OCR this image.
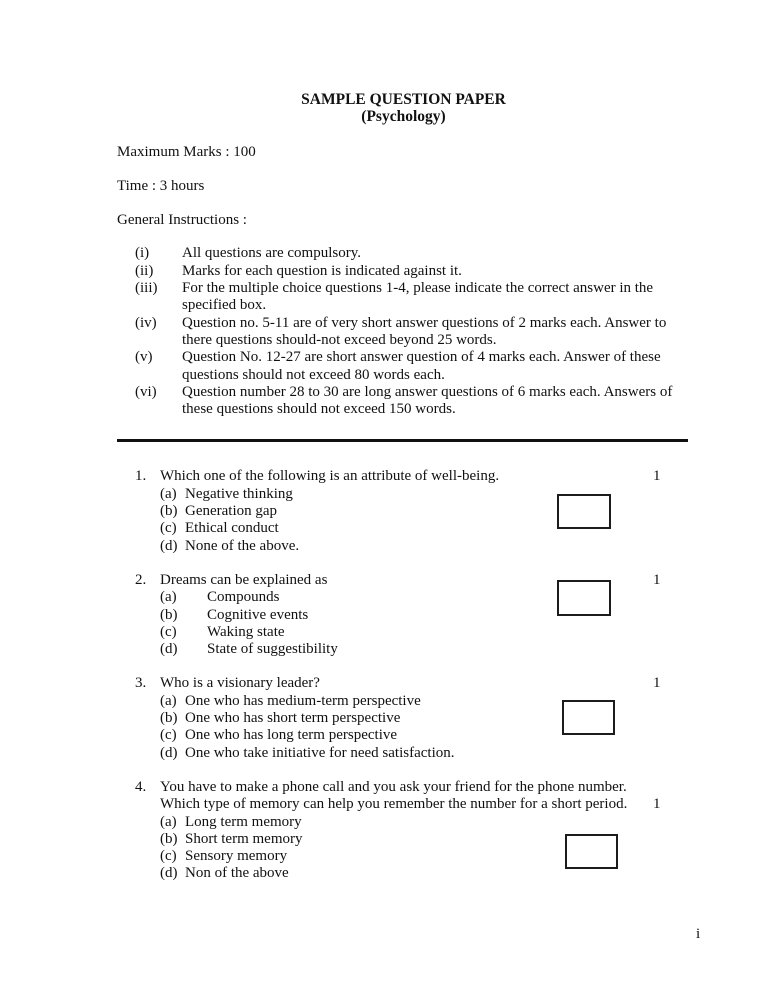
SAMPLE QUESTION PAPER
(Psychology)
Maximum Marks : 100
Time : 3 hours
General Instructions :
(i)	All questions are compulsory.
(ii)	Marks for each question is indicated against it.
(iii)	For the multiple choice questions 1-4, please indicate the correct answer in the
specified box.
(iv)	Question no. 5-11 are of very short answer questions of 2 marks each. Answer to
there questions should-not exceed beyond 25 words.
(v)	Question No. 12-27 are short answer question of 4 marks each. Answer of these
questions should not exceed 80 words each.
(vi)	Question number 28 to 30 are long answer questions of 6 marks each. Answers of
these questions should not exceed 150 words.
1. Which one of the following is an attribute of well-being.	1
(a) Negative thinking
(b) Generation gap
(c) Ethical conduct
(d) None of the above.
2. Dreams can be explained as	1
(a)	Compounds
(b)	Cognitive events
(c)	Waking state
(d)	State of suggestibility
3. Who is a visionary leader?	1
(a) One who has medium-term perspective
(b) One who has short term perspective
(c) One who has long term perspective
(d) One who take initiative for need satisfaction.
4. You have to make a phone call and you ask your friend for the phone number.
Which type of memory can help you remember the number for a short period. 1
(a) Long term memory
(b) Short term memory
(c) Sensory memory
(d) Non of the above
i
